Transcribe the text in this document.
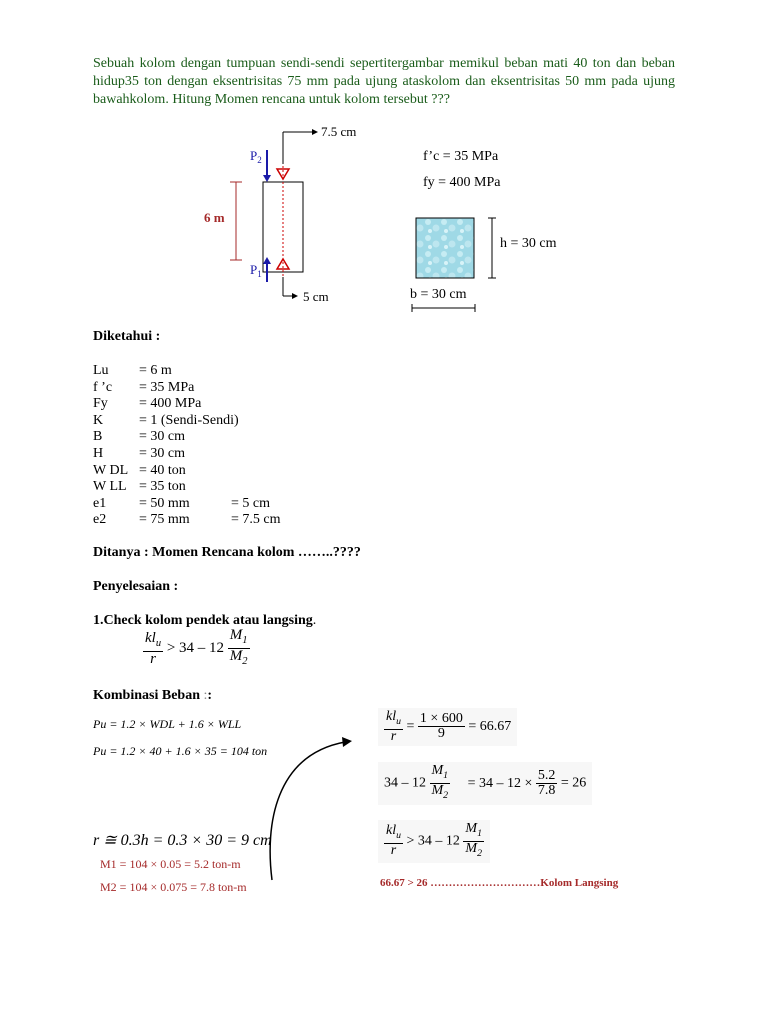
Sebuah kolom dengan tumpuan sendi-sendi sepertitergambar memikul beban mati 40 ton dan beban hidup35 ton dengan eksentrisitas 75 mm pada ujung ataskolom dan eksentrisitas 50 mm pada ujung bawahkolom. Hitung Momen rencana untuk kolom tersebut ???
7.5 cm
$P_2$
$P_1$
5 cm
6 m
f’c = 35 MPa
fy = 400 MPa
h = 30 cm
b = 30 cm
Diketahui :
Lu = 6 m
f ’c = 35 MPa
Fy = 400 MPa
K	= 1 (Sendi-Sendi)
B	= 30 cm
H	= 30 cm
W DL = 40 ton
W LL = 35 ton
e1 = 50 mm	= 5 cm
e2 = 75 mm	= 7.5 cm
Ditanya : Momen Rencana kolom ……..????
Penyelesaian :
1.Check kolom pendek atau langsing.
$\frac{kl_u}{r} > 34 - 12 \frac{M_1}{M_2}$
Kombinasi Beban ::
Pu = 1.2 × WDL + 1.6 × WLL
Pu = 1.2 × 40 + 1.6 × 35 = 104 ton
r ≅ 0.3h = 0.3 × 30 = 9 cm
M1 = 104 × 0.05 = 5.2 ton-m
M2 = 104 × 0.075 = 7.8 ton-m
$\frac{kl_u}{r} = \frac{1 \times 600}{9} = 66.67$
$34 - 12 \frac{M_1}{M_2} = 34 - 12 \times \frac{5.2}{7.8} = 26$
$\frac{kl_u}{r} > 34 - 12 \frac{M_1}{M_2}$
66.67 > 26 …………………………Kolom Langsing
